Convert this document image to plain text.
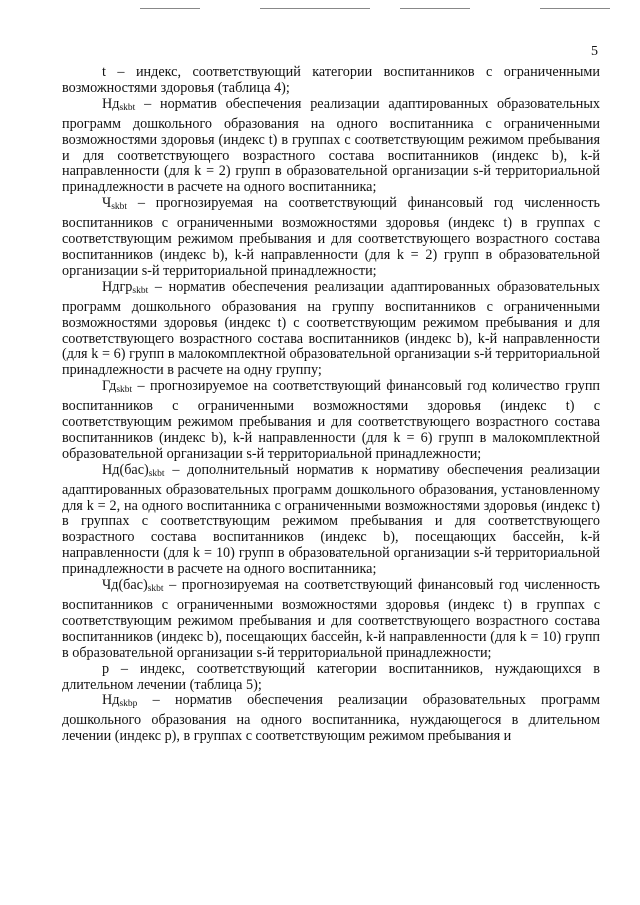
5

t – индекс, соответствующий категории воспитанников с ограниченными возможностями здоровья (таблица 4);

$Нд_{skbt}$ – норматив обеспечения реализации адаптированных образовательных программ дошкольного образования на одного воспитанника с ограниченными возможностями здоровья (индекс t) в группах с соответствующим режимом пребывания и для соответствующего возрастного состава воспитанников (индекс b), k-й направленности (для k = 2) групп в образовательной организации s-й территориальной принадлежности в расчете на одного воспитанника;

$Ч_{skbt}$ – прогнозируемая на соответствующий финансовый год численность воспитанников с ограниченными возможностями здоровья (индекс t) в группах с соответствующим режимом пребывания и для соответствующего возрастного состава воспитанников (индекс b), k-й направленности (для k = 2) групп в образовательной организации s-й территориальной принадлежности;

Ндгр$_{skbt}$ – норматив обеспечения реализации адаптированных образовательных программ дошкольного образования на группу воспитанников с ограниченными возможностями здоровья (индекс t) с соответствующим режимом пребывания и для соответствующего возрастного состава воспитанников (индекс b), k-й направленности (для k = 6) групп в малокомплектной образовательной организации s-й территориальной принадлежности в расчете на одну группу;

$Гд_{skbt}$ – прогнозируемое на соответствующий финансовый год количество групп воспитанников с ограниченными возможностями здоровья (индекс t) с соответствующим режимом пребывания и для соответствующего возрастного состава воспитанников (индекс b), k-й направленности (для k = 6) групп в малокомплектной образовательной организации s-й территориальной принадлежности;

$Нд(бас)_{skbt}$ – дополнительный норматив к нормативу обеспечения реализации адаптированных образовательных программ дошкольного образования, установленному для k = 2, на одного воспитанника с ограниченными возможностями здоровья (индекс t) в группах с соответствующим режимом пребывания и для соответствующего возрастного состава воспитанников (индекс b), посещающих бассейн, k-й направленности (для k = 10) групп в образовательной организации s-й территориальной принадлежности в расчете на одного воспитанника;

$Чд(бас)_{skbt}$ – прогнозируемая на соответствующий финансовый год численность воспитанников с ограниченными возможностями здоровья (индекс t) в группах с соответствующим режимом пребывания и для соответствующего возрастного состава воспитанников (индекс b), посещающих бассейн, k-й направленности (для k = 10) групп в образовательной организации s-й территориальной принадлежности;

р – индекс, соответствующий категории воспитанников, нуждающихся в длительном лечении (таблица 5);

$Нд_{skbp}$ – норматив обеспечения реализации образовательных программ дошкольного образования на одного воспитанника, нуждающегося в длительном лечении (индекс р), в группах с соответствующим режимом пребывания и
